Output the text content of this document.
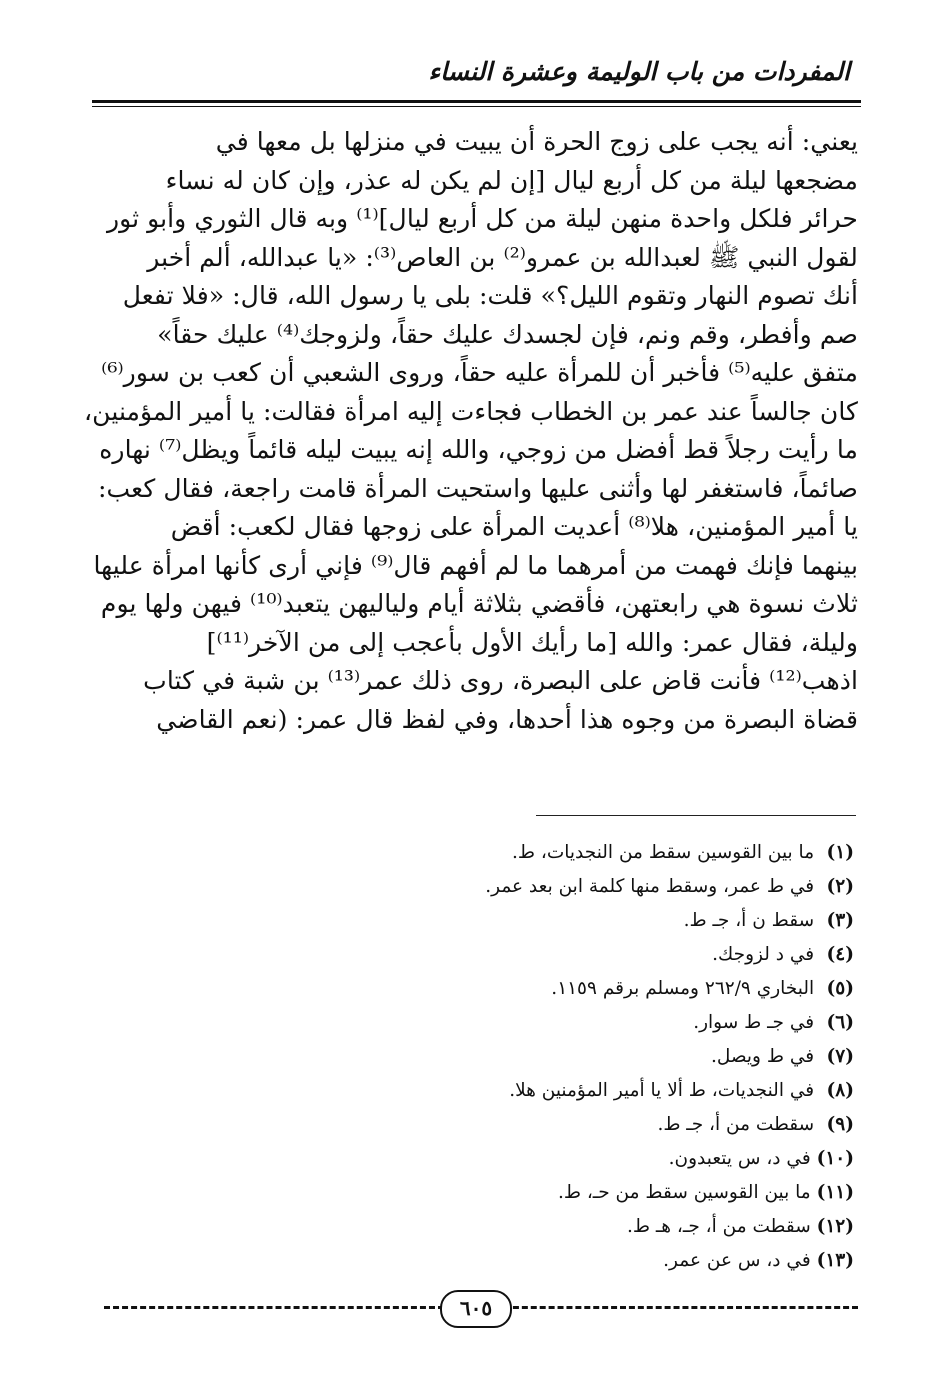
المفردات من باب الوليمة وعشرة النساء
يعني: أنه يجب على زوج الحرة أن يبيت في منزلها بل معها في
مضجعها ليلة من كل أربع ليال [إن لم يكن له عذر، وإن كان له نساء
حرائر فلكل واحدة منهن ليلة من كل أربع ليال]⁽¹⁾ وبه قال الثوري وأبو ثور
لقول النبي ﷺ لعبدالله بن عمرو⁽²⁾ بن العاص⁽³⁾: «يا عبدالله، ألم أخبر
أنك تصوم النهار وتقوم الليل؟» قلت: بلى يا رسول الله، قال: «فلا تفعل
صم وأفطر، وقم ونم، فإن لجسدك عليك حقاً، ولزوجك⁽⁴⁾ عليك حقاً»
متفق عليه⁽⁵⁾ فأخبر أن للمرأة عليه حقاً، وروى الشعبي أن كعب بن سور⁽⁶⁾
كان جالساً عند عمر بن الخطاب فجاءت إليه امرأة فقالت: يا أمير المؤمنين،
ما رأيت رجلاً قط أفضل من زوجي، والله إنه يبيت ليله قائماً ويظل⁽⁷⁾ نهاره
صائماً، فاستغفر لها وأثنى عليها واستحيت المرأة قامت راجعة، فقال كعب:
يا أمير المؤمنين، هلا⁽⁸⁾ أعديت المرأة على زوجها فقال لكعب: أقض
بينهما فإنك فهمت من أمرهما ما لم أفهم قال⁽⁹⁾ فإني أرى كأنها امرأة عليها
ثلاث نسوة هي رابعتهن، فأقضي بثلاثة أيام ولياليهن يتعبد⁽¹⁰⁾ فيهن ولها يوم
وليلة، فقال عمر: والله [ما رأيك الأول بأعجب إلى من الآخر⁽¹¹⁾]
اذهب⁽¹²⁾ فأنت قاض على البصرة، روى ذلك عمر⁽¹³⁾ بن شبة في كتاب
قضاة البصرة من وجوه هذا أحدها، وفي لفظ قال عمر: (نعم القاضي
(١) ما بين القوسين سقط من النجديات، ط.
(٢) في ط عمر، وسقط منها كلمة ابن بعد عمر.
(٣) سقط ن أ، جـ ط.
(٤) في د لزوجك.
(٥) البخاري ٢٦٢/٩ ومسلم برقم ١١٥٩.
(٦) في جـ ط سوار.
(٧) في ط ويصل.
(٨) في النجديات، ط ألا يا أمير المؤمنين هلا.
(٩) سقطت من أ، جـ ط.
(١٠) في د، س يتعبدون.
(١١) ما بين القوسين سقط من حـ، ط.
(١٢) سقطت من أ، جـ، هـ ط.
(١٣) في د، س عن عمر.
٦٠٥
